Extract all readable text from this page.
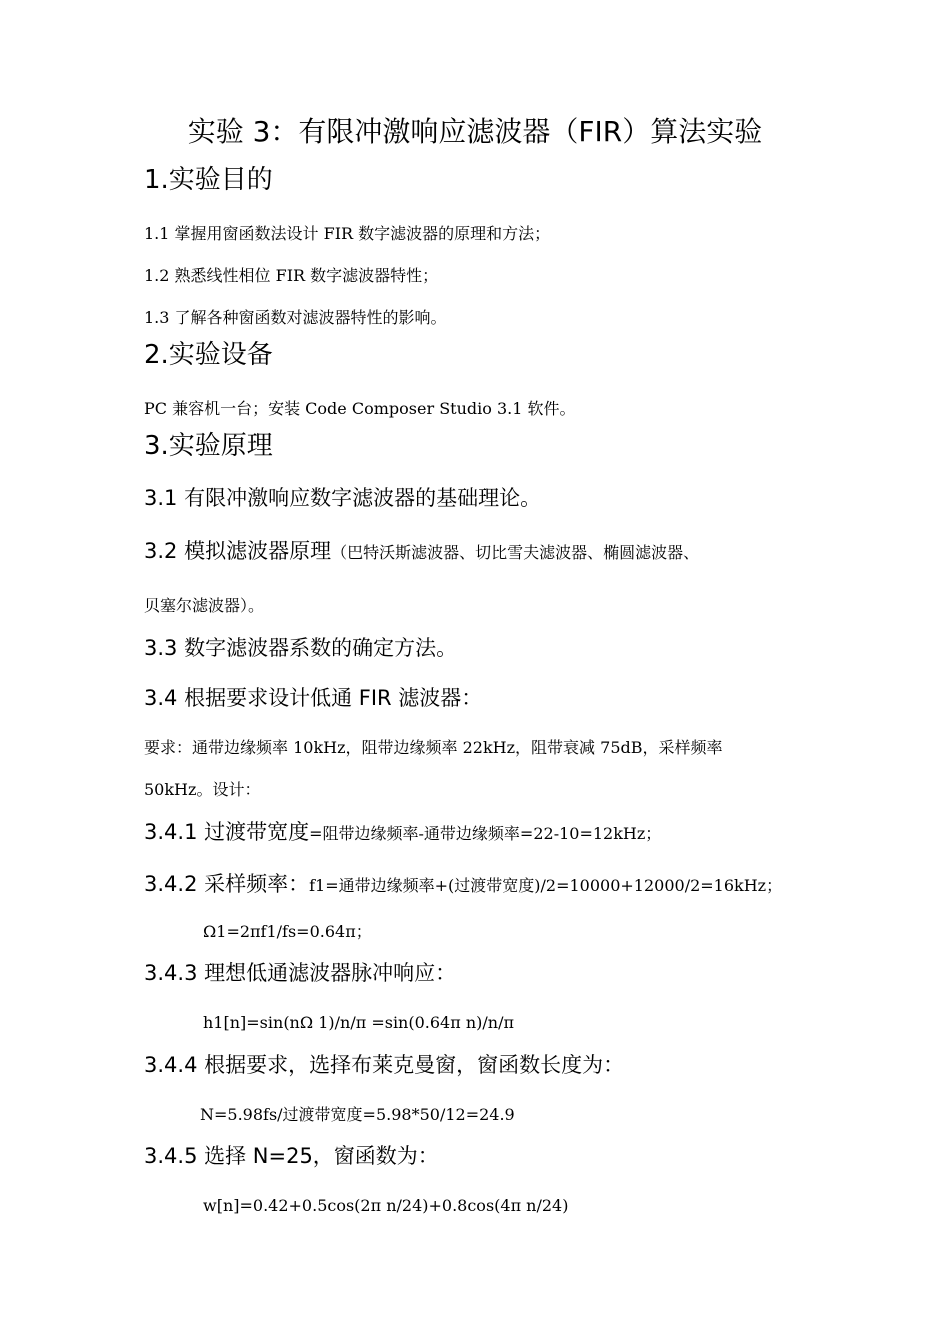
实验 3：有限冲激响应滤波器（FIR）算法实验
1.实验目的
1.1 掌握用窗函数法设计 FIR 数字滤波器的原理和方法；
1.2 熟悉线性相位 FIR 数字滤波器特性；
1.3 了解各种窗函数对滤波器特性的影响。
2.实验设备
PC 兼容机一台；安装 Code Composer Studio 3.1 软件。
3.实验原理
3.1 有限冲激响应数字滤波器的基础理论。
3.2 模拟滤波器原理（巴特沃斯滤波器、切比雪夫滤波器、椭圆滤波器、
贝塞尔滤波器）。
3.3 数字滤波器系数的确定方法。
3.4 根据要求设计低通 FIR 滤波器：
要求：通带边缘频率 10kHz，阻带边缘频率 22kHz，阻带衰减 75dB，采样频率
50kHz。设计：
3.4.1 过渡带宽度=阻带边缘频率-通带边缘频率=22-10=12kHz；
3.4.2 采样频率：f1=通带边缘频率+(过渡带宽度)/2=10000+12000/2=16kHz；
Ω1=2πf1/fs=0.64π；
3.4.3 理想低通滤波器脉冲响应：
h1[n]=sin(nΩ 1)/n/π =sin(0.64π n)/n/π
3.4.4 根据要求，选择布莱克曼窗，窗函数长度为：
N=5.98fs/过渡带宽度=5.98*50/12=24.9
3.4.5 选择 N=25，窗函数为：
w[n]=0.42+0.5cos(2π n/24)+0.8cos(4π n/24)
